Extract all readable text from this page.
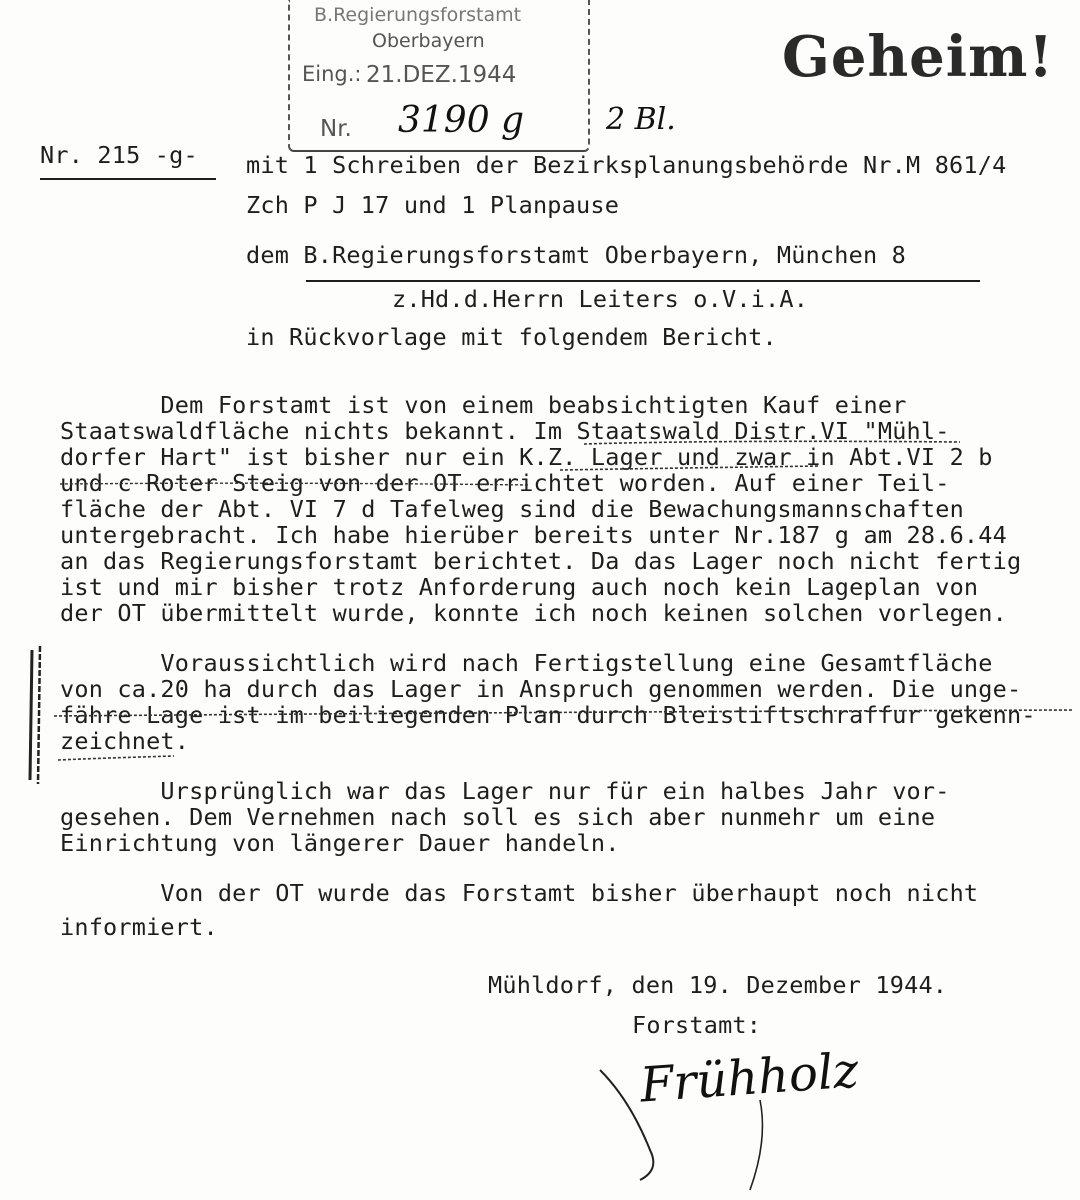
B.Regierungsforstamt
Oberbayern
Eing.: 21.DEZ.1944
Nr. 3190 g	2 Bl.
Geheim!
Nr. 215 -g- mit 1 Schreiben der Bezirksplanungsbehörde Nr.M 861/4
Zch P J 17 und 1 Planpause
dem B.Regierungsforstamt Oberbayern, München 8
z.Hd.d.Herrn Leiters o.V.i.A.
in Rückvorlage mit folgendem Bericht.
Dem Forstamt ist von einem beabsichtigten Kauf einer
Staatswaldfläche nichts bekannt. Im Staatswald Distr.VI "Mühl-
dorfer Hart" ist bisher nur ein K.Z. Lager und zwar in Abt.VI 2 b
und c Roter Steig von der OT errichtet worden. Auf einer Teil-
fläche der Abt. VI 7 d Tafelweg sind die Bewachungsmannschaften
untergebracht. Ich habe hierüber bereits unter Nr.187 g am 28.6.44
an das Regierungsforstamt berichtet. Da das Lager noch nicht fertig
ist und mir bisher trotz Anforderung auch noch kein Lageplan von
der OT übermittelt wurde, konnte ich noch keinen solchen vorlegen.
Voraussichtlich wird nach Fertigstellung eine Gesamtfläche
von ca.20 ha durch das Lager in Anspruch genommen werden. Die unge-
fähre Lage ist im beiliegenden Plan durch Bleistiftschraffur gekenn-
zeichnet.
Ursprünglich war das Lager nur für ein halbes Jahr vor-
gesehen. Dem Vernehmen nach soll es sich aber nunmehr um eine
Einrichtung von längerer Dauer handeln.
Von der OT wurde das Forstamt bisher überhaupt noch nicht
informiert.
Mühldorf, den 19. Dezember 1944.
Forstamt:
Frühholz
